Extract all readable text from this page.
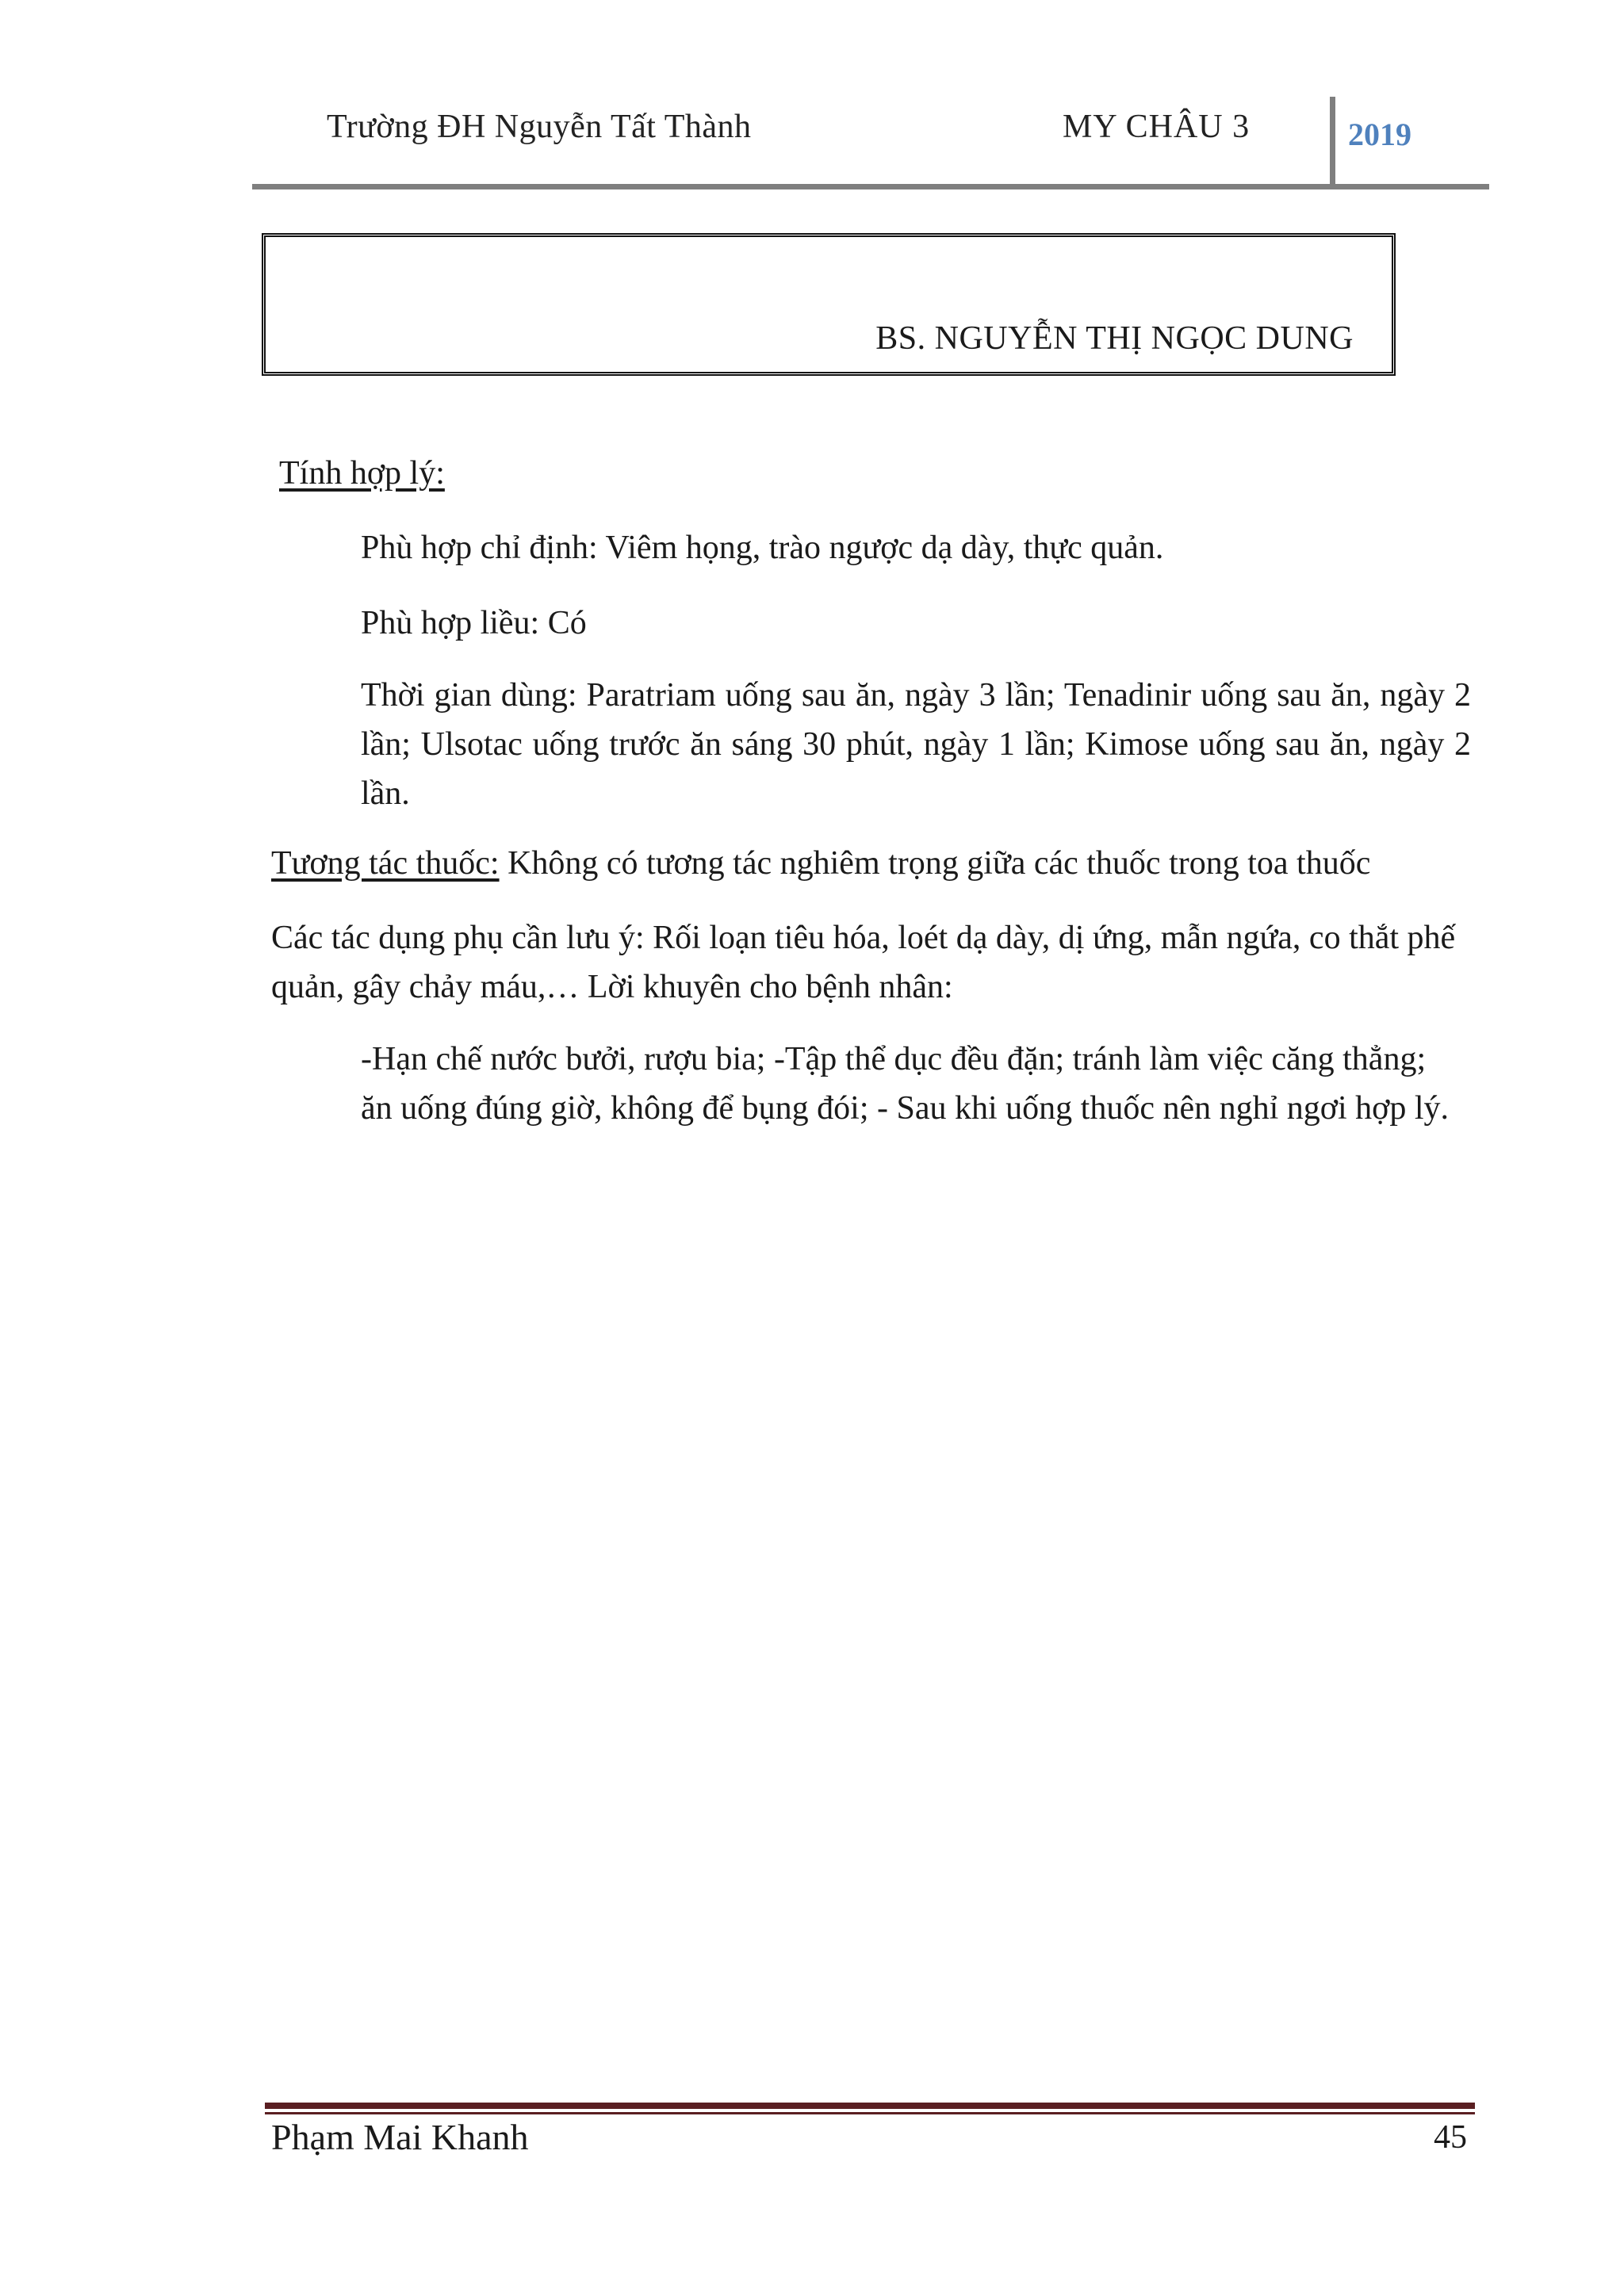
Trường ĐH Nguyễn Tất Thành	MY CHÂU 3	2019
BS. NGUYỄN THỊ NGỌC DUNG

Tính hợp lý:

Phù hợp chỉ định: Viêm họng, trào ngược dạ dày, thực quản.

Phù hợp liều: Có

Thời gian dùng: Paratriam uống sau ăn, ngày 3 lần; Tenadinir uống sau ăn, ngày 2 lần; Ulsotac uống trước ăn sáng 30 phút, ngày 1 lần; Kimose uống sau ăn, ngày 2 lần.

Tương tác thuốc: Không có tương tác nghiêm trọng giữa các thuốc trong toa thuốc

Các tác dụng phụ cần lưu ý: Rối loạn tiêu hóa, loét dạ dày, dị ứng, mẫn ngứa, co thắt phế quản, gây chảy máu,… Lời khuyên cho bệnh nhân:

-Hạn chế nước bưởi, rượu bia; -Tập thể dục đều đặn; tránh làm việc căng thẳng; ăn uống đúng giờ, không để bụng đói; - Sau khi uống thuốc nên nghỉ ngơi hợp lý.

Phạm Mai Khanh	45
